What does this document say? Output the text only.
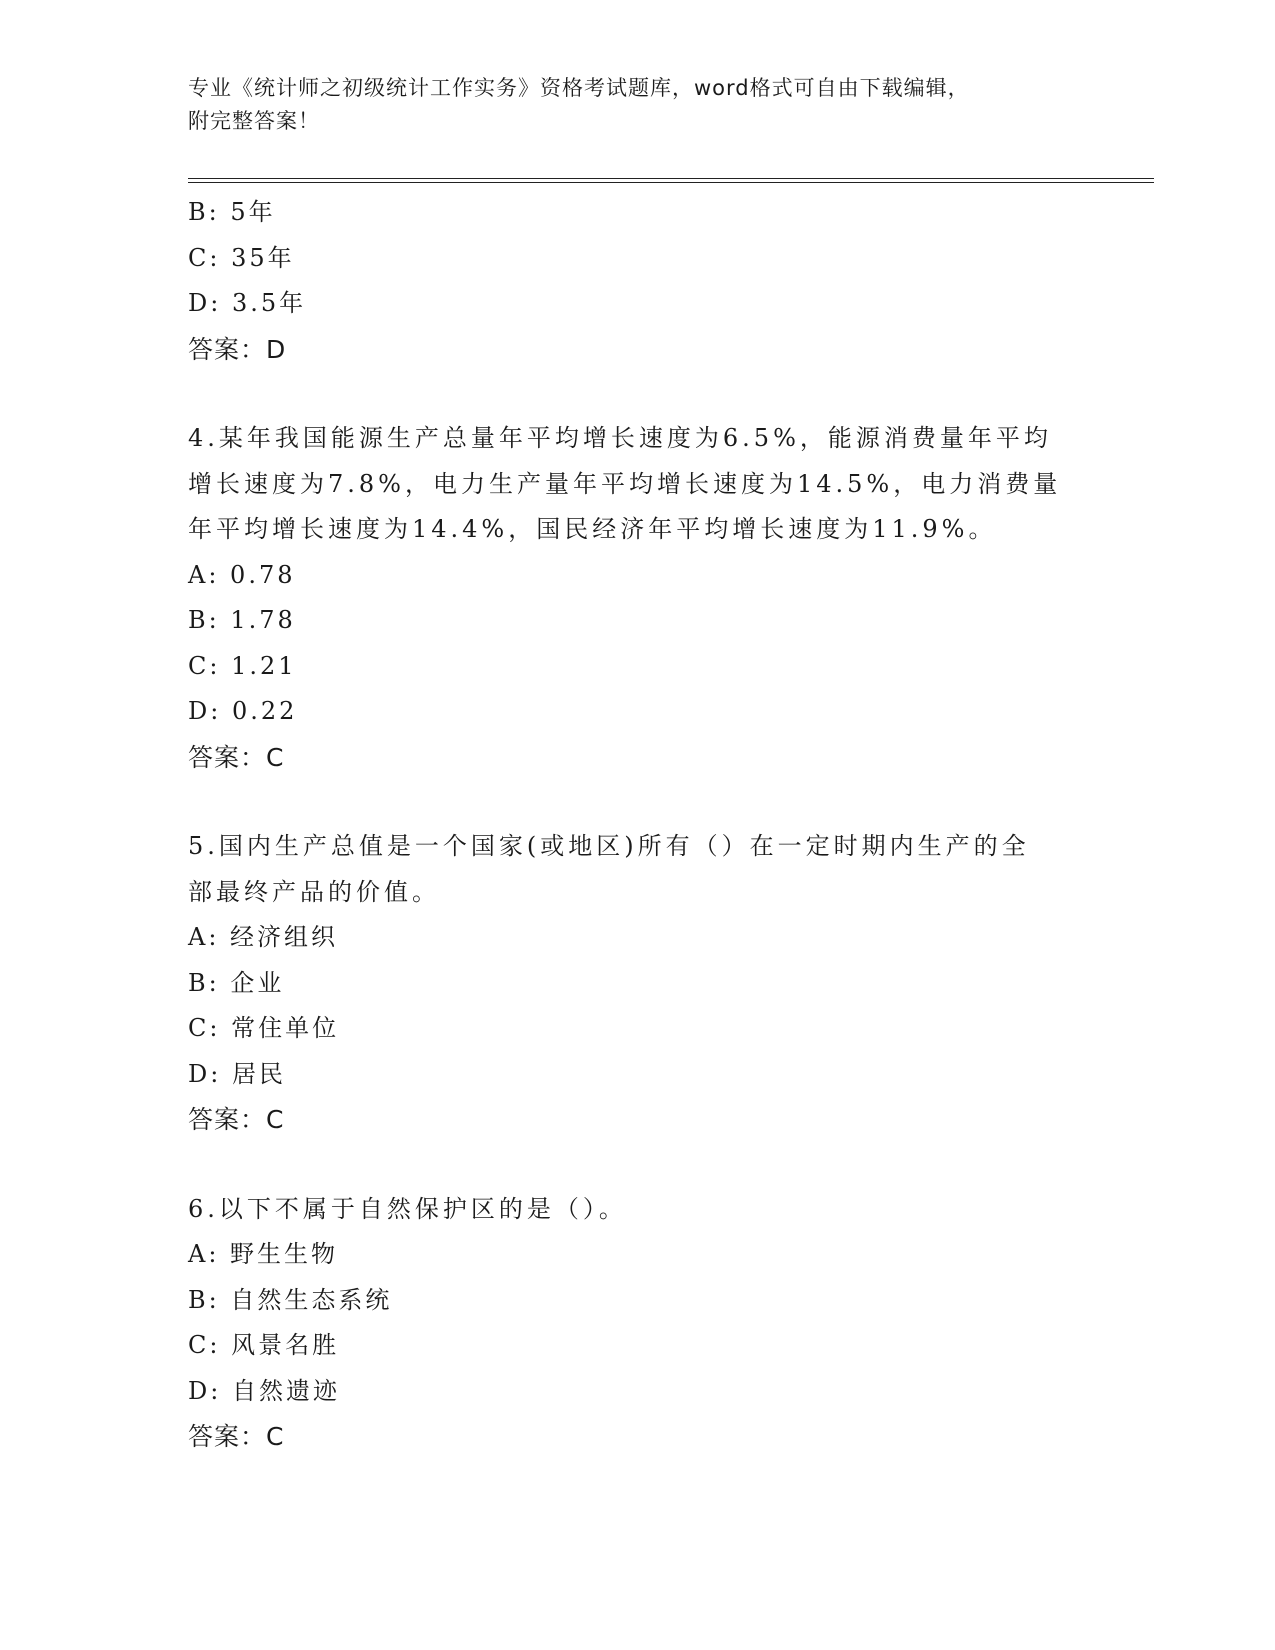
专业《统计师之初级统计工作实务》资格考试题库，word格式可自由下载编辑，
附完整答案！
B: 5年
C: 35年
D: 3.5年
答案：D
4.某年我国能源生产总量年平均增长速度为6.5%，能源消费量年平均
增长速度为7.8%，电力生产量年平均增长速度为14.5%，电力消费量
年平均增长速度为14.4%，国民经济年平均增长速度为11.9%。
A: 0.78
B: 1.78
C: 1.21
D: 0.22
答案：C
5.国内生产总值是一个国家(或地区)所有（）在一定时期内生产的全
部最终产品的价值。
A: 经济组织
B: 企业
C: 常住单位
D: 居民
答案：C
6.以下不属于自然保护区的是（）。
A: 野生生物
B: 自然生态系统
C: 风景名胜
D: 自然遗迹
答案：C
